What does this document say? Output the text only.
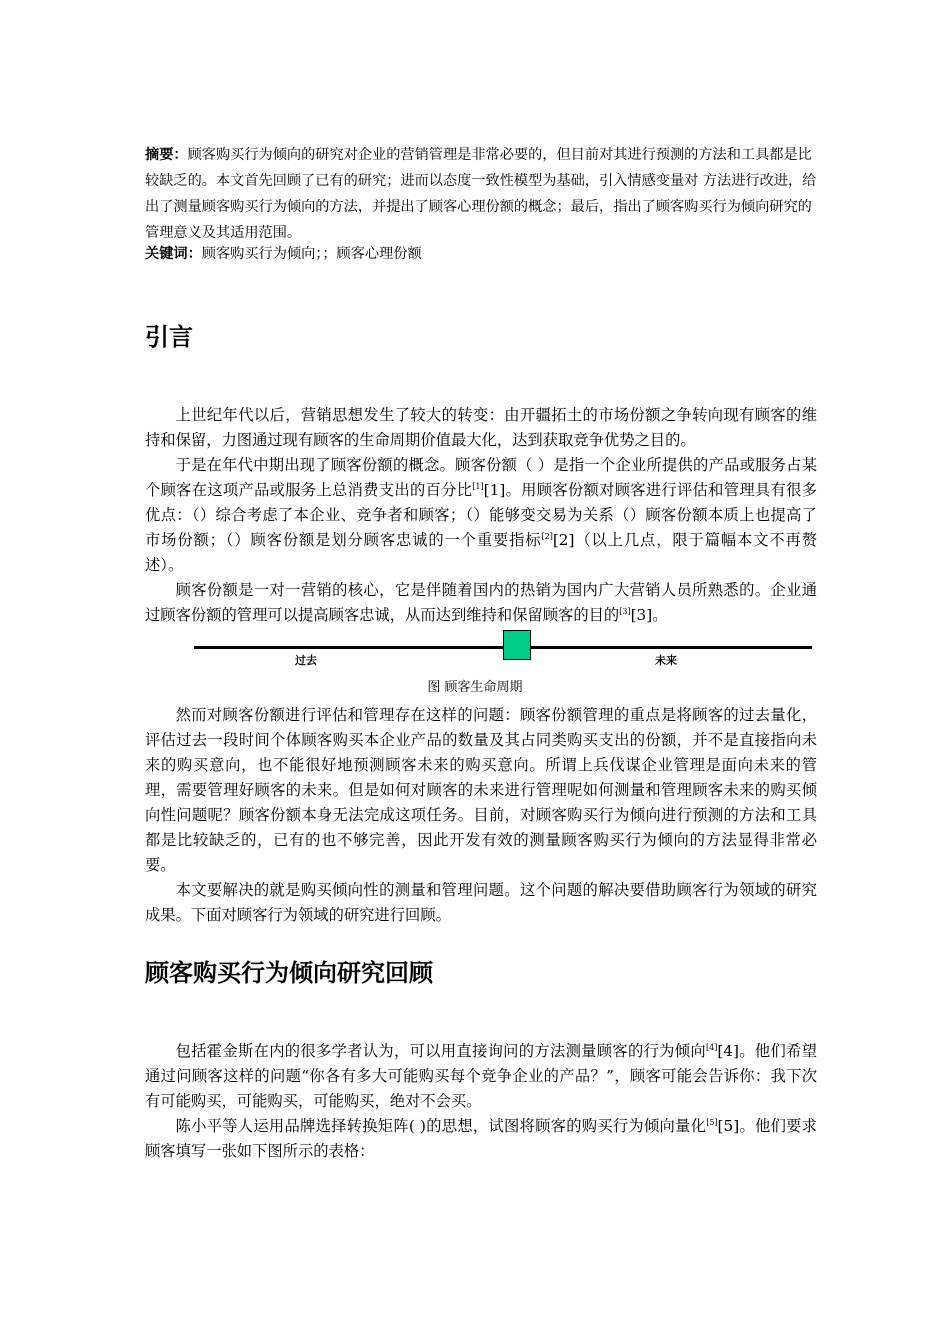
摘要：顾客购买行为倾向的研究对企业的营销管理是非常必要的，但目前对其进行预测的方法和工具都是比较缺乏的。本文首先回顾了已有的研究；进而以态度一致性模型为基础，引入情感变量对 方法进行改进，给出了测量顾客购买行为倾向的方法，并提出了顾客心理份额的概念；最后，指出了顾客购买行为倾向研究的管理意义及其适用范围。
关键词：顾客购买行为倾向；；顾客心理份额
引言

上世纪年代以后，营销思想发生了较大的转变：由开疆拓土的市场份额之争转向现有顾客的维持和保留，力图通过现有顾客的生命周期价值最大化，达到获取竞争优势之目的。

于是在年代中期出现了顾客份额的概念。顾客份额（ ）是指一个企业所提供的产品或服务占某个顾客在这项产品或服务上总消费支出的百分比[1][1]。用顾客份额对顾客进行评估和管理具有很多优点：（）综合考虑了本企业、竞争者和顾客；（）能够变交易为关系（）顾客份额本质上也提高了市场份额；（）顾客份额是划分顾客忠诚的一个重要指标[2][2]（以上几点，限于篇幅本文不再赘述）。

顾客份额是一对一营销的核心，它是伴随着国内的热销为国内广大营销人员所熟悉的。企业通过顾客份额的管理可以提高顾客忠诚，从而达到维持和保留顾客的目的[3][3]。

过去	未来
图 顾客生命周期

然而对顾客份额进行评估和管理存在这样的问题：顾客份额管理的重点是将顾客的过去量化，评估过去一段时间个体顾客购买本企业产品的数量及其占同类购买支出的份额，并不是直接指向未来的购买意向，也不能很好地预测顾客未来的购买意向。所谓上兵伐谋企业管理是面向未来的管理，需要管理好顾客的未来。但是如何对顾客的未来进行管理呢如何测量和管理顾客未来的购买倾向性问题呢？顾客份额本身无法完成这项任务。目前，对顾客购买行为倾向进行预测的方法和工具都是比较缺乏的，已有的也不够完善，因此开发有效的测量顾客购买行为倾向的方法显得非常必要。

本文要解决的就是购买倾向性的测量和管理问题。这个问题的解决要借助顾客行为领域的研究成果。下面对顾客行为领域的研究进行回顾。

顾客购买行为倾向研究回顾

包括霍金斯在内的很多学者认为，可以用直接询问的方法测量顾客的行为倾向[4][4]。他们希望通过问顾客这样的问题“你各有多大可能购买每个竞争企业的产品？”，顾客可能会告诉你：我下次有可能购买，可能购买，可能购买，绝对不会买。

陈小平等人运用品牌选择转换矩阵( )的思想，试图将顾客的购买行为倾向量化[5][5]。他们要求顾客填写一张如下图所示的表格：
